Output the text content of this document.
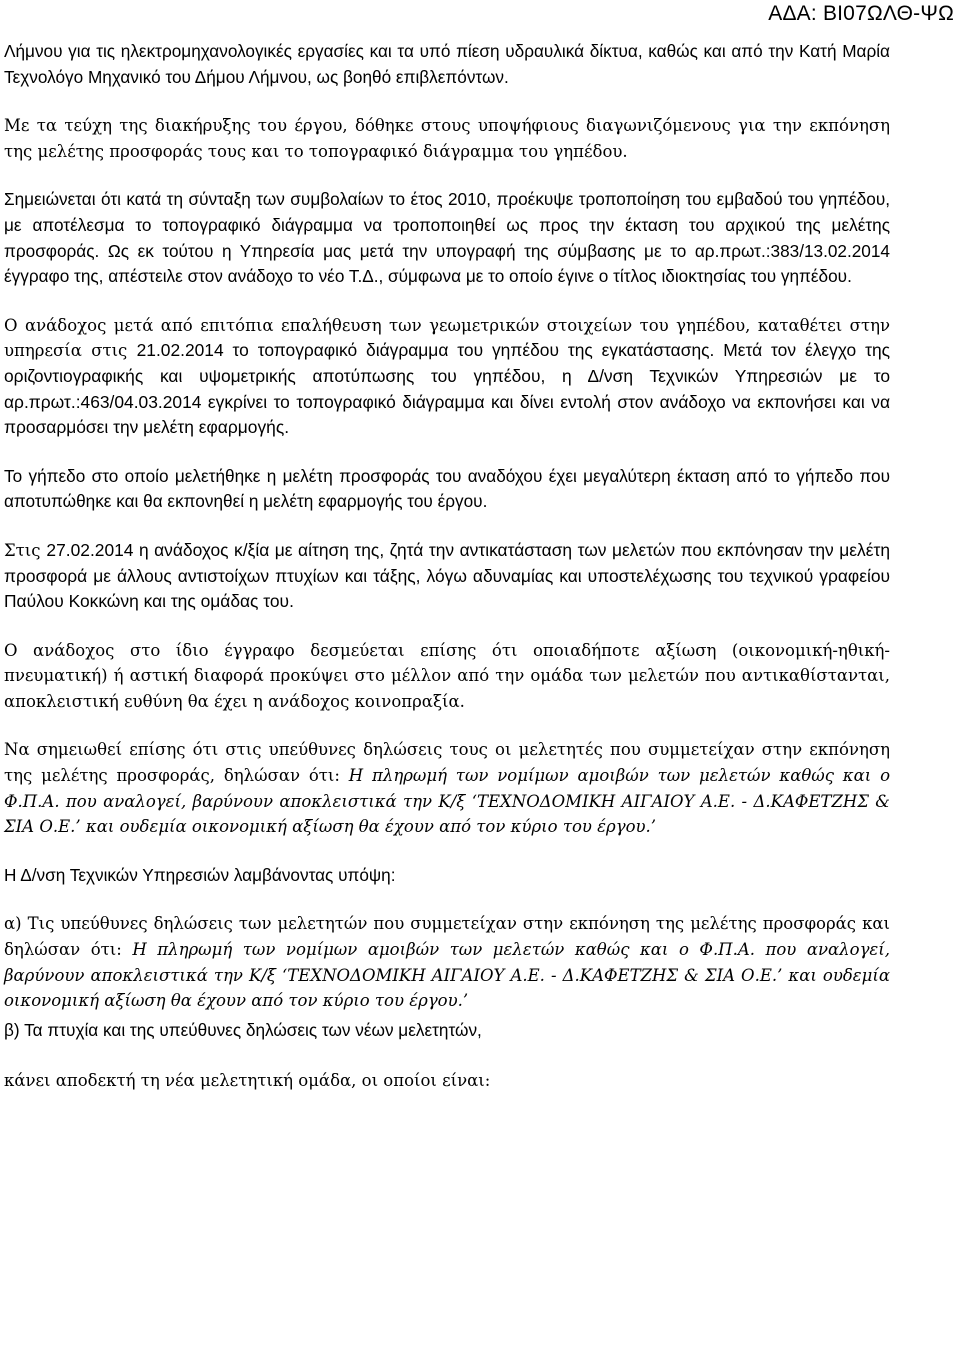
ΑΔΑ: ΒΙ07ΩΛΘ-ΨΩ

Λήμνου για τις ηλεκτρομηχανολογικές εργασίες και τα υπό πίεση υδραυλικά δίκτυα, καθώς και από την Κατή Μαρία Τεχνολόγο Μηχανικό του Δήμου Λήμνου, ως βοηθό επιβλεπόντων.

Με τα τεύχη της διακήρυξης του έργου, δόθηκε στους υποψήφιους διαγωνιζόμενους για την εκπόνηση της μελέτης προσφοράς τους και το τοπογραφικό διάγραμμα του γηπέδου.

Σημειώνεται ότι κατά τη σύνταξη των συμβολαίων το έτος 2010, προέκυψε τροποποίηση του εμβαδού του γηπέδου, με αποτέλεσμα το τοπογραφικό διάγραμμα να τροποποιηθεί ως προς την έκταση του αρχικού της μελέτης προσφοράς. Ως εκ τούτου η Υπηρεσία μας μετά την υπογραφή της σύμβασης με το αρ.πρωτ.:383/13.02.2014 έγγραφο της, απέστειλε στον ανάδοχο το νέο Τ.Δ., σύμφωνα με το οποίο έγινε ο τίτλος ιδιοκτησίας του γηπέδου.

Ο ανάδοχος μετά από επιτόπια επαλήθευση των γεωμετρικών στοιχείων του γηπέδου, καταθέτει στην υπηρεσία στις 21.02.2014 το τοπογραφικό διάγραμμα του γηπέδου της εγκατάστασης. Μετά τον έλεγχο της οριζοντιογραφικής και υψομετρικής αποτύπωσης του γηπέδου, η Δ/νση Τεχνικών Υπηρεσιών με το αρ.πρωτ.:463/04.03.2014 εγκρίνει το τοπογραφικό διάγραμμα και δίνει εντολή στον ανάδοχο να εκπονήσει και να προσαρμόσει την μελέτη εφαρμογής.

Το γήπεδο στο οποίο μελετήθηκε η μελέτη προσφοράς του αναδόχου έχει μεγαλύτερη έκταση από το γήπεδο που αποτυπώθηκε και θα εκπονηθεί η μελέτη εφαρμογής του έργου.

Στις 27.02.2014 η ανάδοχος κ/ξία με αίτηση της, ζητά την αντικατάσταση των μελετών που εκπόνησαν την μελέτη προσφορά με άλλους αντιστοίχων πτυχίων και τάξης, λόγω αδυναμίας και υποστελέχωσης του τεχνικού γραφείου Παύλου Κοκκώνη και της ομάδας του.

Ο ανάδοχος στο ίδιο έγγραφο δεσμεύεται επίσης ότι οποιαδήποτε αξίωση (οικονομική-ηθική-πνευματική) ή αστική διαφορά προκύψει στο μέλλον από την ομάδα των μελετών που αντικαθίστανται, αποκλειστική ευθύνη θα έχει η ανάδοχος κοινοπραξία.

Να σημειωθεί επίσης ότι στις υπεύθυνες δηλώσεις τους οι μελετητές που συμμετείχαν στην εκπόνηση της μελέτης προσφοράς, δηλώσαν ότι: Η πληρωμή των νομίμων αμοιβών των μελετών καθώς και ο Φ.Π.Α. που αναλογεί, βαρύνουν αποκλειστικά την Κ/ξ ‘ΤΕΧΝΟΔΟΜΙΚΗ ΑΙΓΑΙΟΥ Α.Ε. - Δ.ΚΑΦΕΤΖΗΣ & ΣΙΑ Ο.Ε.’ και ουδεμία οικονομική αξίωση θα έχουν από τον κύριο του έργου.’

Η Δ/νση Τεχνικών Υπηρεσιών λαμβάνοντας υπόψη:

α) Τις υπεύθυνες δηλώσεις των μελετητών που συμμετείχαν στην εκπόνηση της μελέτης προσφοράς και δηλώσαν ότι: Η πληρωμή των νομίμων αμοιβών των μελετών καθώς και ο Φ.Π.Α. που αναλογεί, βαρύνουν αποκλειστικά την Κ/ξ ‘ΤΕΧΝΟΔΟΜΙΚΗ ΑΙΓΑΙΟΥ Α.Ε. - Δ.ΚΑΦΕΤΖΗΣ & ΣΙΑ Ο.Ε.’ και ουδεμία οικονομική αξίωση θα έχουν από τον κύριο του έργου.’

β) Τα πτυχία και της υπεύθυνες δηλώσεις των νέων μελετητών,

κάνει αποδεκτή τη νέα μελετητική ομάδα, οι οποίοι είναι:
